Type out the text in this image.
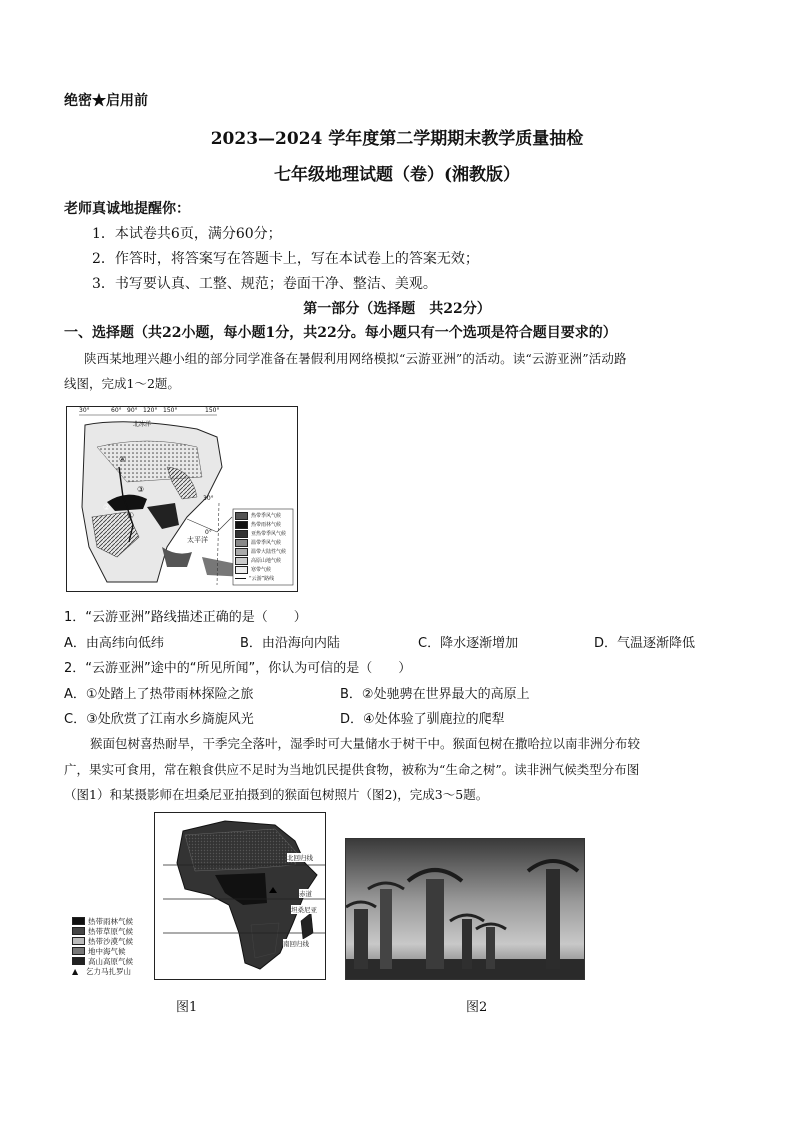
绝密★启用前
2023—2024 学年度第二学期期末教学质量抽检
七年级地理试题（卷）(湘教版）
老师真诚地提醒你：
1．本试卷共6页，满分60分；
2．作答时，将答案写在答题卡上，写在本试卷上的答案无效；
3．书写要认真、工整、规范；卷面干净、整洁、美观。
第一部分（选择题　共22分）
一、选择题（共22小题，每小题1分，共22分。每小题只有一个选项是符合题目要求的）
陕西某地理兴趣小组的部分同学准备在暑假利用网络模拟“云游亚洲”的活动。读“云游亚洲”活动路
线图，完成1～2题。
30°	60° 90° 120° 150°	150°
30°
0°
北冰洋
太平洋
④
②
①
③
热带季风气候
热带雨林气候
亚热带季风气候
温带季风气候
温带大陆性气候
高原山地气候
寒带气候
“云游”路线
1．“云游亚洲”路线描述正确的是（　　）
A．由高纬向低纬	B．由沿海向内陆	C．降水逐渐增加	D．气温逐渐降低
2．“云游亚洲”途中的“所见所闻”，你认为可信的是（　　）
A．①处踏上了热带雨林探险之旅	B．②处驰骋在世界最大的高原上
C．③处欣赏了江南水乡旖旎风光	D．④处体验了驯鹿拉的爬犁
猴面包树喜热耐旱，干季完全落叶，湿季时可大量储水于树干中。猴面包树在撒哈拉以南非洲分布较
广，果实可食用，常在粮食供应不足时为当地饥民提供食物，被称为“生命之树”。读非洲气候类型分布图
（图1）和某摄影师在坦桑尼亚拍摄到的猴面包树照片（图2)，完成3～5题。
北回归线
赤道
坦桑尼亚
南回归线
热带雨林气候
热带草原气候
热带沙漠气候
地中海气候
高山高原气候
▲	乞力马扎罗山
图1	图2
